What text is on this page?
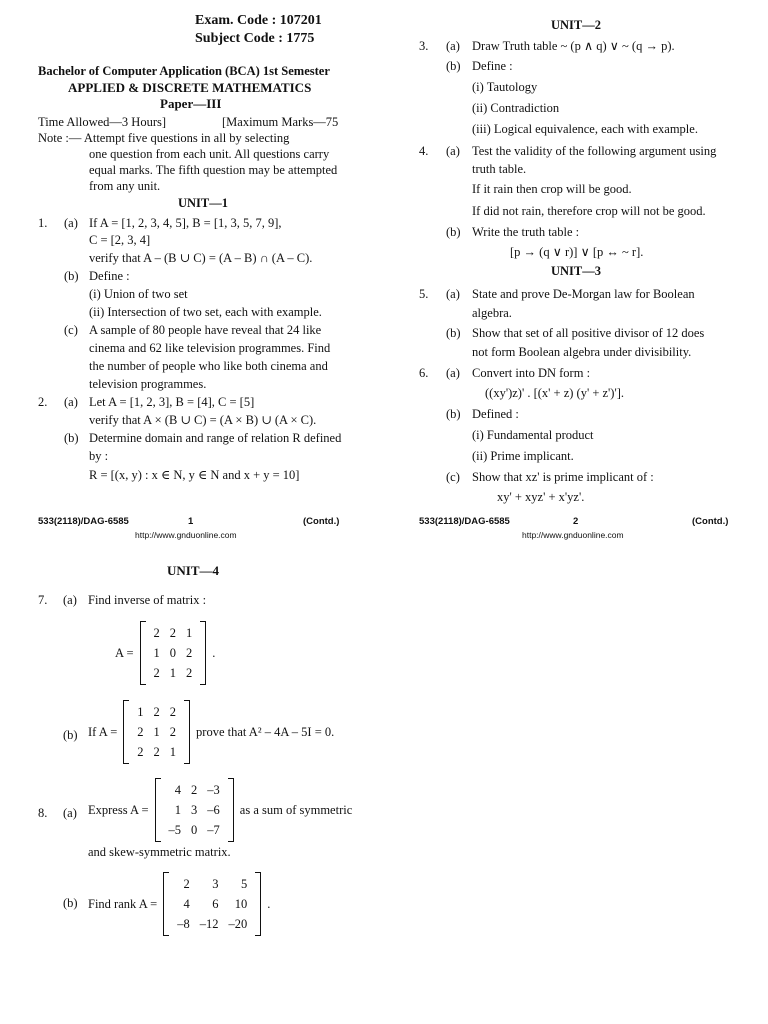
Exam. Code : 107201
Subject Code : 1775
Bachelor of Computer Application (BCA) 1st Semester
APPLIED & DISCRETE MATHEMATICS
Paper—III
Time Allowed—3 Hours]	[Maximum Marks—75
Note :— Attempt five questions in all by selecting
one question from each unit. All questions carry
equal marks. The fifth question may be attempted
from any unit.
UNIT—1
1. (a) If A = [1, 2, 3, 4, 5], B = [1, 3, 5, 7, 9],
C = [2, 3, 4]
verify that A – (B ∪ C) = (A – B) ∩ (A – C).
(b) Define :
(i) Union of two set
(ii) Intersection of two set, each with example.
(c) A sample of 80 people have reveal that 24 like
cinema and 62 like television programmes. Find
the number of people who like both cinema and
television programmes.
2. (a) Let A = [1, 2, 3], B = [4], C = [5]
verify that A × (B ∪ C) = (A × B) ∪ (A × C).
(b) Determine domain and range of relation R defined
by :
R = [(x, y) : x ∈ N, y ∈ N and x + y = 10]
533(2118)/DAG-6585	1	(Contd.)
http://www.gnduonline.com
UNIT—2
3. (a) Draw Truth table ~ (p ∧ q) ∨ ~ (q → p).
(b) Define :
(i) Tautology
(ii) Contradiction
(iii) Logical equivalence, each with example.
4. (a) Test the validity of the following argument using
truth table.
If it rain then crop will be good.
If did not rain, therefore crop will not be good.
(b) Write the truth table :
[p → (q ∨ r)] ∨ [p ↔ ~ r].
UNIT—3
5. (a) State and prove De-Morgan law for Boolean
algebra.
(b) Show that set of all positive divisor of 12 does
not form Boolean algebra under divisibility.
6. (a) Convert into DN form :
((xy')z)' . [(x' + z) (y' + z')'].
(b) Defined :
(i) Fundamental product
(ii) Prime implicant.
(c) Show that xz' is prime implicant of :
xy' + xyz' + x'yz'.
533(2118)/DAG-6585	2	(Contd.)
http://www.gnduonline.com
UNIT—4
7. (a) Find inverse of matrix :
A =
2	2	1
1	0	2
2	1	2
.
(b) If A =
1	2	2
2	1	2
2	2	1
prove that A² – 4A – 5I = 0.
8. (a) Express A =
4	2	–3
1	3	–6
–5	0	–7
as a sum of symmetric
and skew-symmetric matrix.
(b) Find rank A =
2	3	5
4	6	10
–8	–12	–20
.
